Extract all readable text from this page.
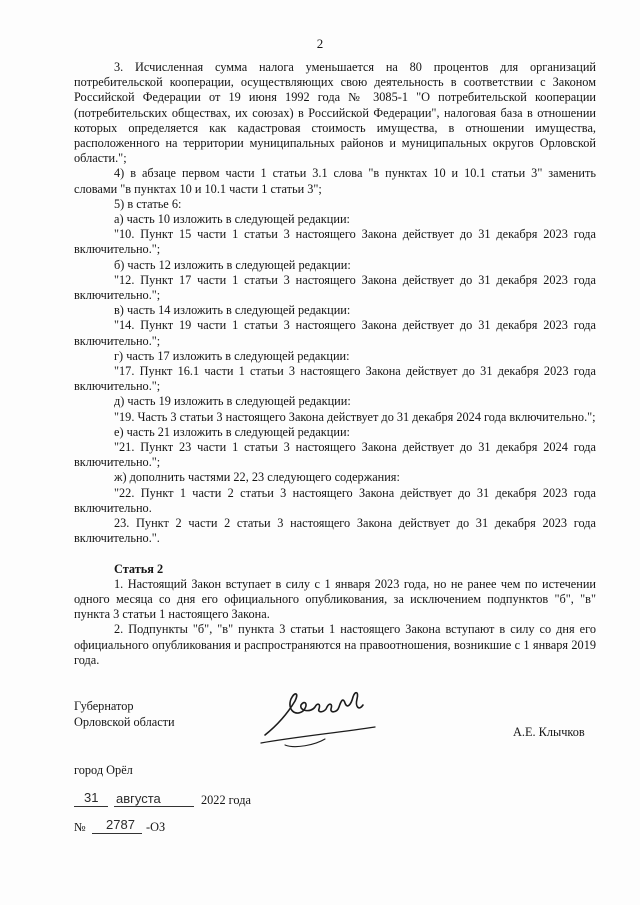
2

3. Исчисленная сумма налога уменьшается на 80 процентов для организаций потребительской кооперации, осуществляющих свою деятельность в соответствии с Законом Российской Федерации от 19 июня 1992 года № 3085-1 "О потребительской кооперации (потребительских обществах, их союзах) в Российской Федерации", налоговая база в отношении которых определяется как кадастровая стоимость имущества, в отношении имущества, расположенного на территории муниципальных районов и муниципальных округов Орловской области.";

4) в абзаце первом части 1 статьи 3.1 слова "в пунктах 10 и 10.1 статьи 3" заменить словами "в пунктах 10 и 10.1 части 1 статьи 3";

5) в статье 6:

а) часть 10 изложить в следующей редакции:

"10. Пункт 15 части 1 статьи 3 настоящего Закона действует до 31 декабря 2023 года включительно.";

б) часть 12 изложить в следующей редакции:

"12. Пункт 17 части 1 статьи 3 настоящего Закона действует до 31 декабря 2023 года включительно.";

в) часть 14 изложить в следующей редакции:

"14. Пункт 19 части 1 статьи 3 настоящего Закона действует до 31 декабря 2023 года включительно.";

г) часть 17 изложить в следующей редакции:

"17. Пункт 16.1 части 1 статьи 3 настоящего Закона действует до 31 декабря 2023 года включительно.";

д) часть 19 изложить в следующей редакции:

"19. Часть 3 статьи 3 настоящего Закона действует до 31 декабря 2024 года включительно.";

е) часть 21 изложить в следующей редакции:

"21. Пункт 23 части 1 статьи 3 настоящего Закона действует до 31 декабря 2024 года включительно.";

ж) дополнить частями 22, 23 следующего содержания:

"22. Пункт 1 части 2 статьи 3 настоящего Закона действует до 31 декабря 2023 года включительно.

23. Пункт 2 части 2 статьи 3 настоящего Закона действует до 31 декабря 2023 года включительно.".

Статья 2

1. Настоящий Закон вступает в силу с 1 января 2023 года, но не ранее чем по истечении одного месяца со дня его официального опубликования, за исключением подпунктов "б", "в" пункта 3 статьи 1 настоящего Закона.

2. Подпункты "б", "в" пункта 3 статьи 1 настоящего Закона вступают в силу со дня его официального опубликования и распространяются на правоотношения, возникшие с 1 января 2019 года.

Губернатор
Орловской области
А.Е. Клычков
город Орёл
31 августа	2022 года
№ 2787 -ОЗ
